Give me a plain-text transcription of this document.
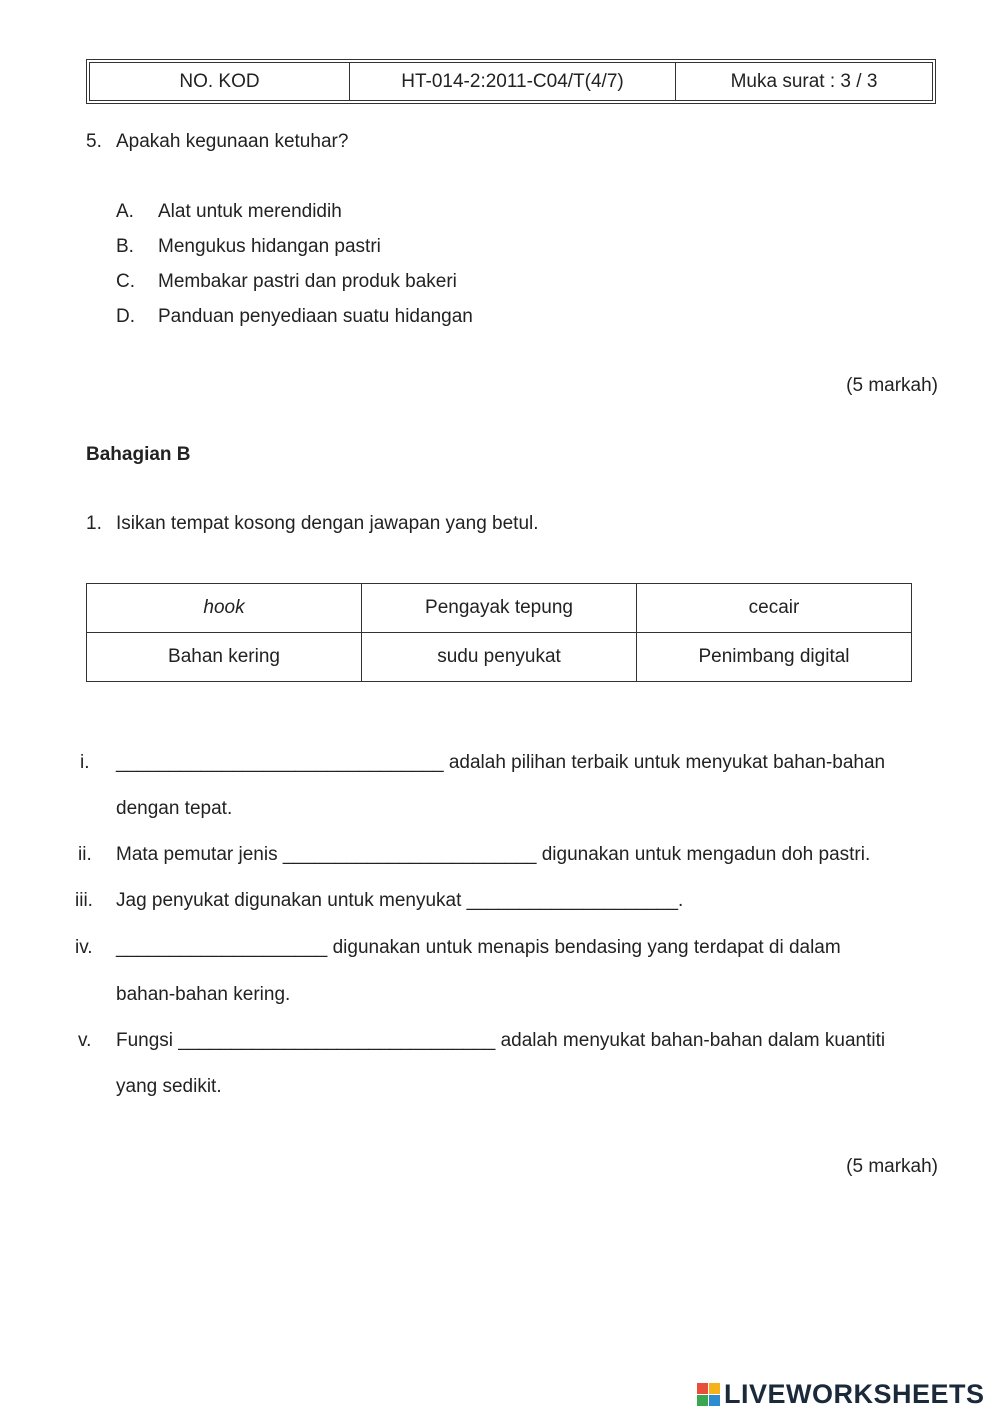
NO. KOD	HT-014-2:2011-C04/T(4/7)	Muka surat : 3 / 3
5. Apakah kegunaan ketuhar?
A. Alat untuk merendidih
B. Mengukus hidangan pastri
C. Membakar pastri dan produk bakeri
D. Panduan penyediaan suatu hidangan
(5 markah)
Bahagian B
1. Isikan tempat kosong dengan jawapan yang betul.
hook	Pengayak tepung	cecair
Bahan kering	sudu penyukat	Penimbang digital
i. _______________________________ adalah pilihan terbaik untuk menyukat bahan-bahan
dengan tepat.
ii. Mata pemutar jenis ________________________ digunakan untuk mengadun doh pastri.
iii. Jag penyukat digunakan untuk menyukat ____________________.
iv. ____________________ digunakan untuk menapis bendasing yang terdapat di dalam
bahan-bahan kering.
v. Fungsi ______________________________ adalah menyukat bahan-bahan dalam kuantiti
yang sedikit.
(5 markah)
LIVEWORKSHEETS
